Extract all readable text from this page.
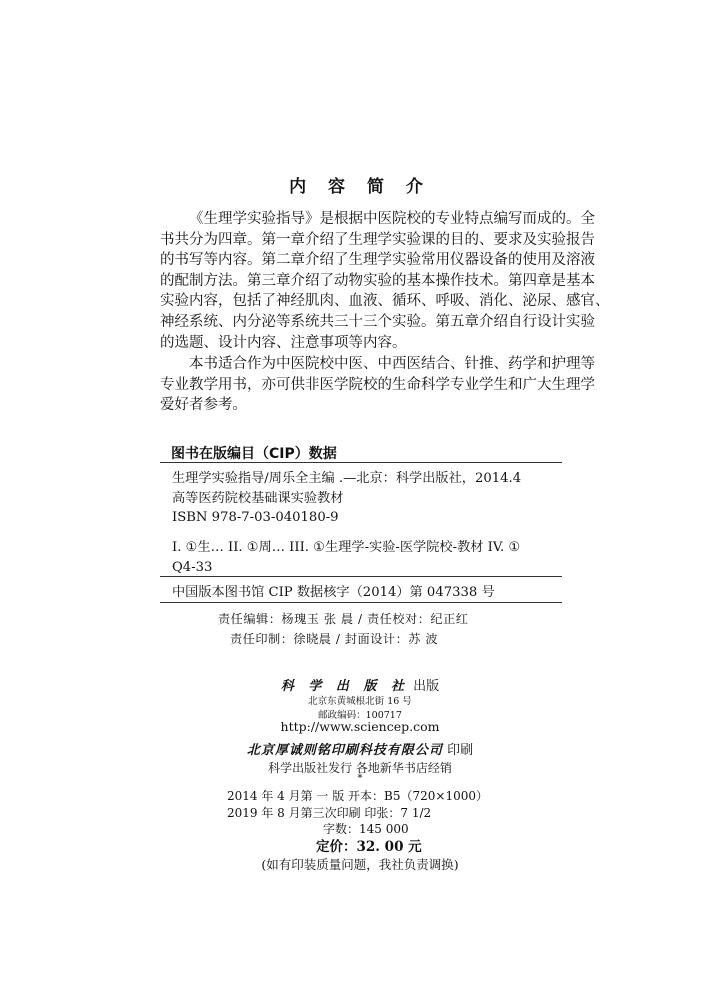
内 容 简 介
《生理学实验指导》是根据中医院校的专业特点编写而成的。全
书共分为四章。第一章介绍了生理学实验课的目的、要求及实验报告
的书写等内容。第二章介绍了生理学实验常用仪器设备的使用及溶液
的配制方法。第三章介绍了动物实验的基本操作技术。第四章是基本
实验内容，包括了神经肌肉、血液、循环、呼吸、消化、泌尿、感官、
神经系统、内分泌等系统共三十三个实验。第五章介绍自行设计实验
的选题、设计内容、注意事项等内容。
本书适合作为中医院校中医、中西医结合、针推、药学和护理等
专业教学用书，亦可供非医学院校的生命科学专业学生和广大生理学
爱好者参考。
图书在版编目（CIP）数据
生理学实验指导/周乐全主编 .—北京：科学出版社，2014.4
高等医药院校基础课实验教材
ISBN 978-7-03-040180-9
I. ①生… II. ①周… III. ①生理学-实验-医学院校-教材 IV. ①
Q4-33
中国版本图书馆 CIP 数据核字（2014）第 047338 号
责任编辑：杨瑰玉 张 晨 / 责任校对：纪正红
责任印制：徐晓晨 / 封面设计：苏 波
科 学 出 版 社 出版
北京东黄城根北街 16 号
邮政编码：100717
http://www.sciencep.com
北京厚诚则铭印刷科技有限公司 印刷
科学出版社发行 各地新华书店经销
*
2014 年 4 月第 一 版 开本：B5（720×1000）
2019 年 8 月第三次印刷 印张：7 1/2
字数：145 000
定价：32. 00 元
(如有印装质量问题，我社负责调换)
